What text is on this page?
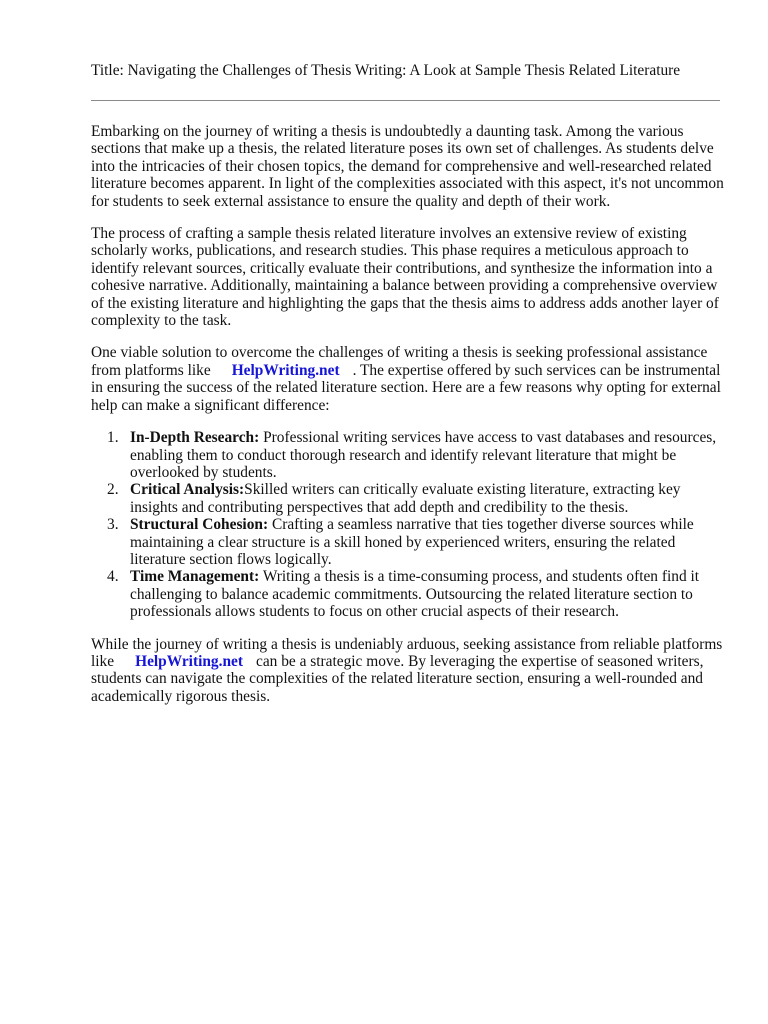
Title: Navigating the Challenges of Thesis Writing: A Look at Sample Thesis Related Literature

Embarking on the journey of writing a thesis is undoubtedly a daunting task. Among the various sections that make up a thesis, the related literature poses its own set of challenges. As students delve into the intricacies of their chosen topics, the demand for comprehensive and well-researched related literature becomes apparent. In light of the complexities associated with this aspect, it's not uncommon for students to seek external assistance to ensure the quality and depth of their work.

The process of crafting a sample thesis related literature involves an extensive review of existing scholarly works, publications, and research studies. This phase requires a meticulous approach to identify relevant sources, critically evaluate their contributions, and synthesize the information into a cohesive narrative. Additionally, maintaining a balance between providing a comprehensive overview of the existing literature and highlighting the gaps that the thesis aims to address adds another layer of complexity to the task.

One viable solution to overcome the challenges of writing a thesis is seeking professional assistance from platforms like HelpWriting.net . The expertise offered by such services can be instrumental in ensuring the success of the related literature section. Here are a few reasons why opting for external help can make a significant difference:

1. In-Depth Research: Professional writing services have access to vast databases and resources, enabling them to conduct thorough research and identify relevant literature that might be overlooked by students.
2. Critical Analysis:Skilled writers can critically evaluate existing literature, extracting key insights and contributing perspectives that add depth and credibility to the thesis.
3. Structural Cohesion: Crafting a seamless narrative that ties together diverse sources while maintaining a clear structure is a skill honed by experienced writers, ensuring the related literature section flows logically.
4. Time Management: Writing a thesis is a time-consuming process, and students often find it challenging to balance academic commitments. Outsourcing the related literature section to professionals allows students to focus on other crucial aspects of their research.

While the journey of writing a thesis is undeniably arduous, seeking assistance from reliable platforms like HelpWriting.net can be a strategic move. By leveraging the expertise of seasoned writers, students can navigate the complexities of the related literature section, ensuring a well-rounded and academically rigorous thesis.
